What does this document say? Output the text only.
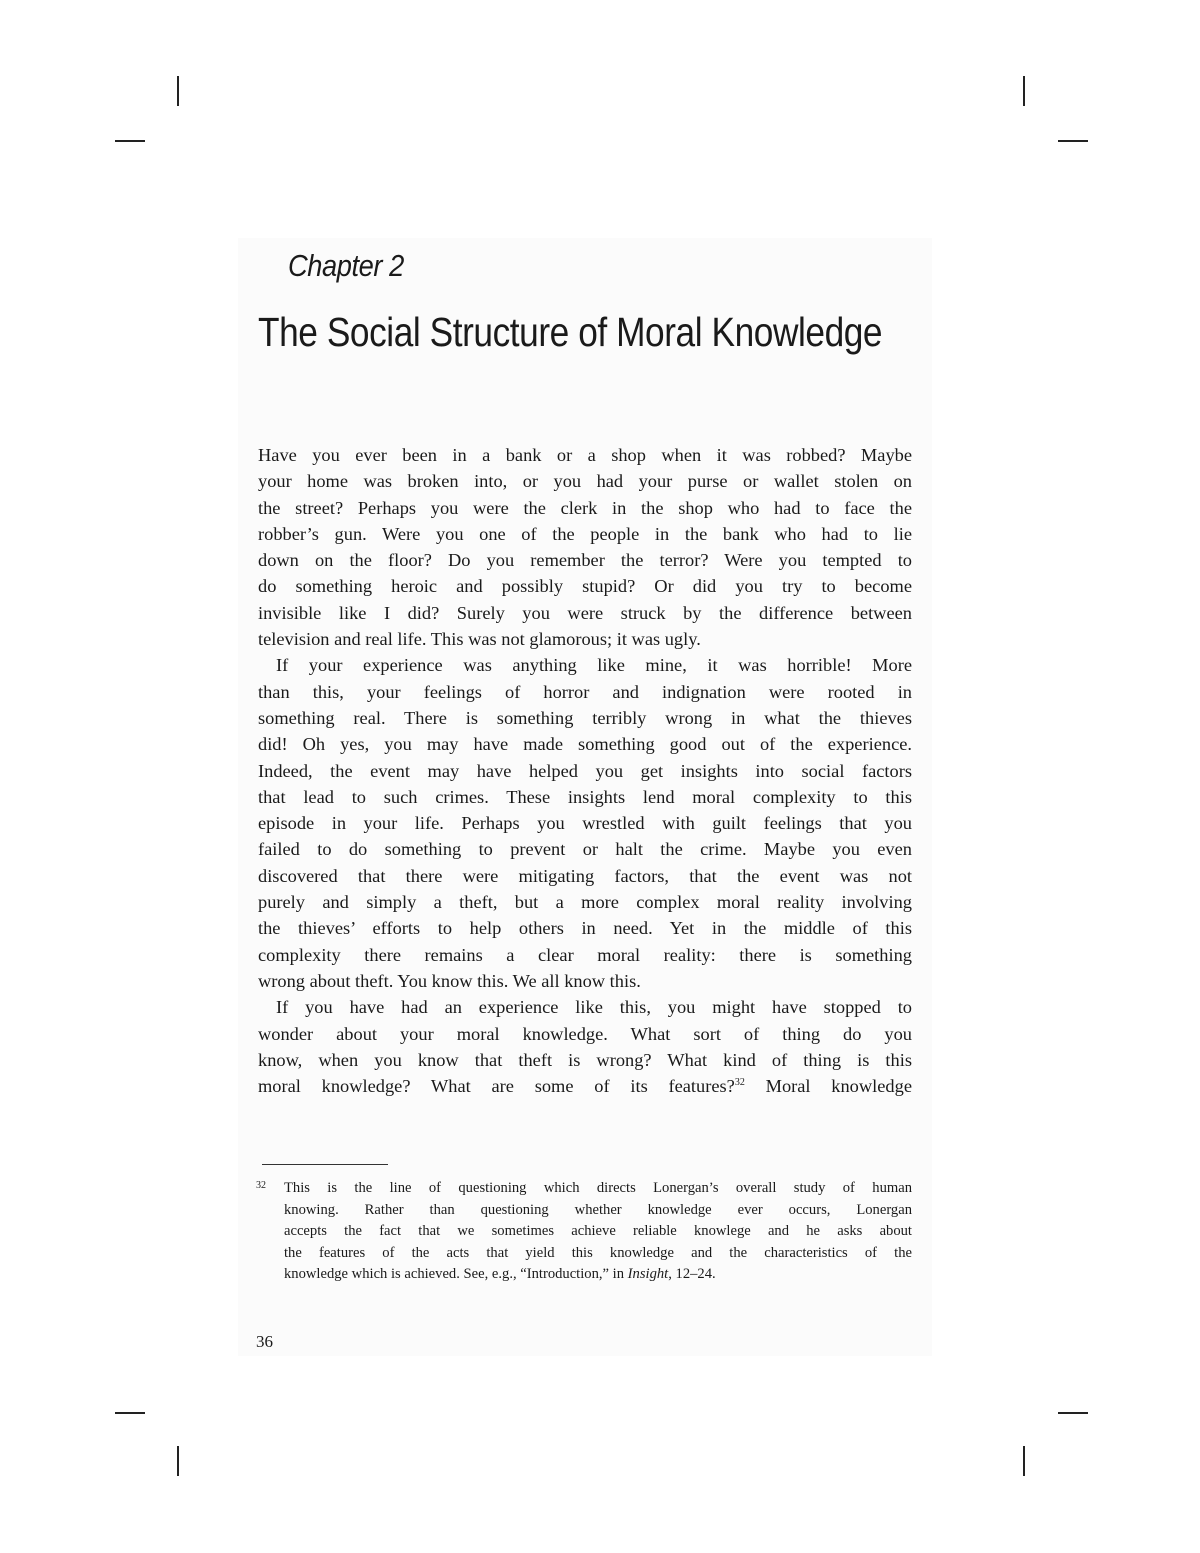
Chapter 2
The Social Structure of Moral Knowledge
Have you ever been in a bank or a shop when it was robbed? Maybe
your home was broken into, or you had your purse or wallet stolen on
the street? Perhaps you were the clerk in the shop who had to face the
robber’s gun. Were you one of the people in the bank who had to lie
down on the floor? Do you remember the terror? Were you tempted to
do something heroic and possibly stupid? Or did you try to become
invisible like I did? Surely you were struck by the difference between
television and real life. This was not glamorous; it was ugly.
If your experience was anything like mine, it was horrible! More
than this, your feelings of horror and indignation were rooted in
something real. There is something terribly wrong in what the thieves
did! Oh yes, you may have made something good out of the experience.
Indeed, the event may have helped you get insights into social factors
that lead to such crimes. These insights lend moral complexity to this
episode in your life. Perhaps you wrestled with guilt feelings that you
failed to do something to prevent or halt the crime. Maybe you even
discovered that there were mitigating factors, that the event was not
purely and simply a theft, but a more complex moral reality involving
the thieves’ efforts to help others in need. Yet in the middle of this
complexity there remains a clear moral reality: there is something
wrong about theft. You know this. We all know this.
If you have had an experience like this, you might have stopped to
wonder about your moral knowledge. What sort of thing do you
know, when you know that theft is wrong? What kind of thing is this
moral knowledge? What are some of its features?$^{32}$ Moral knowledge
32 This is the line of questioning which directs Lonergan’s overall study of human
knowing. Rather than questioning whether knowledge ever occurs, Lonergan
accepts the fact that we sometimes achieve reliable knowlege and he asks about
the features of the acts that yield this knowledge and the characteristics of the
knowledge which is achieved. See, e.g., “Introduction,” in Insight, 12–24.
36
